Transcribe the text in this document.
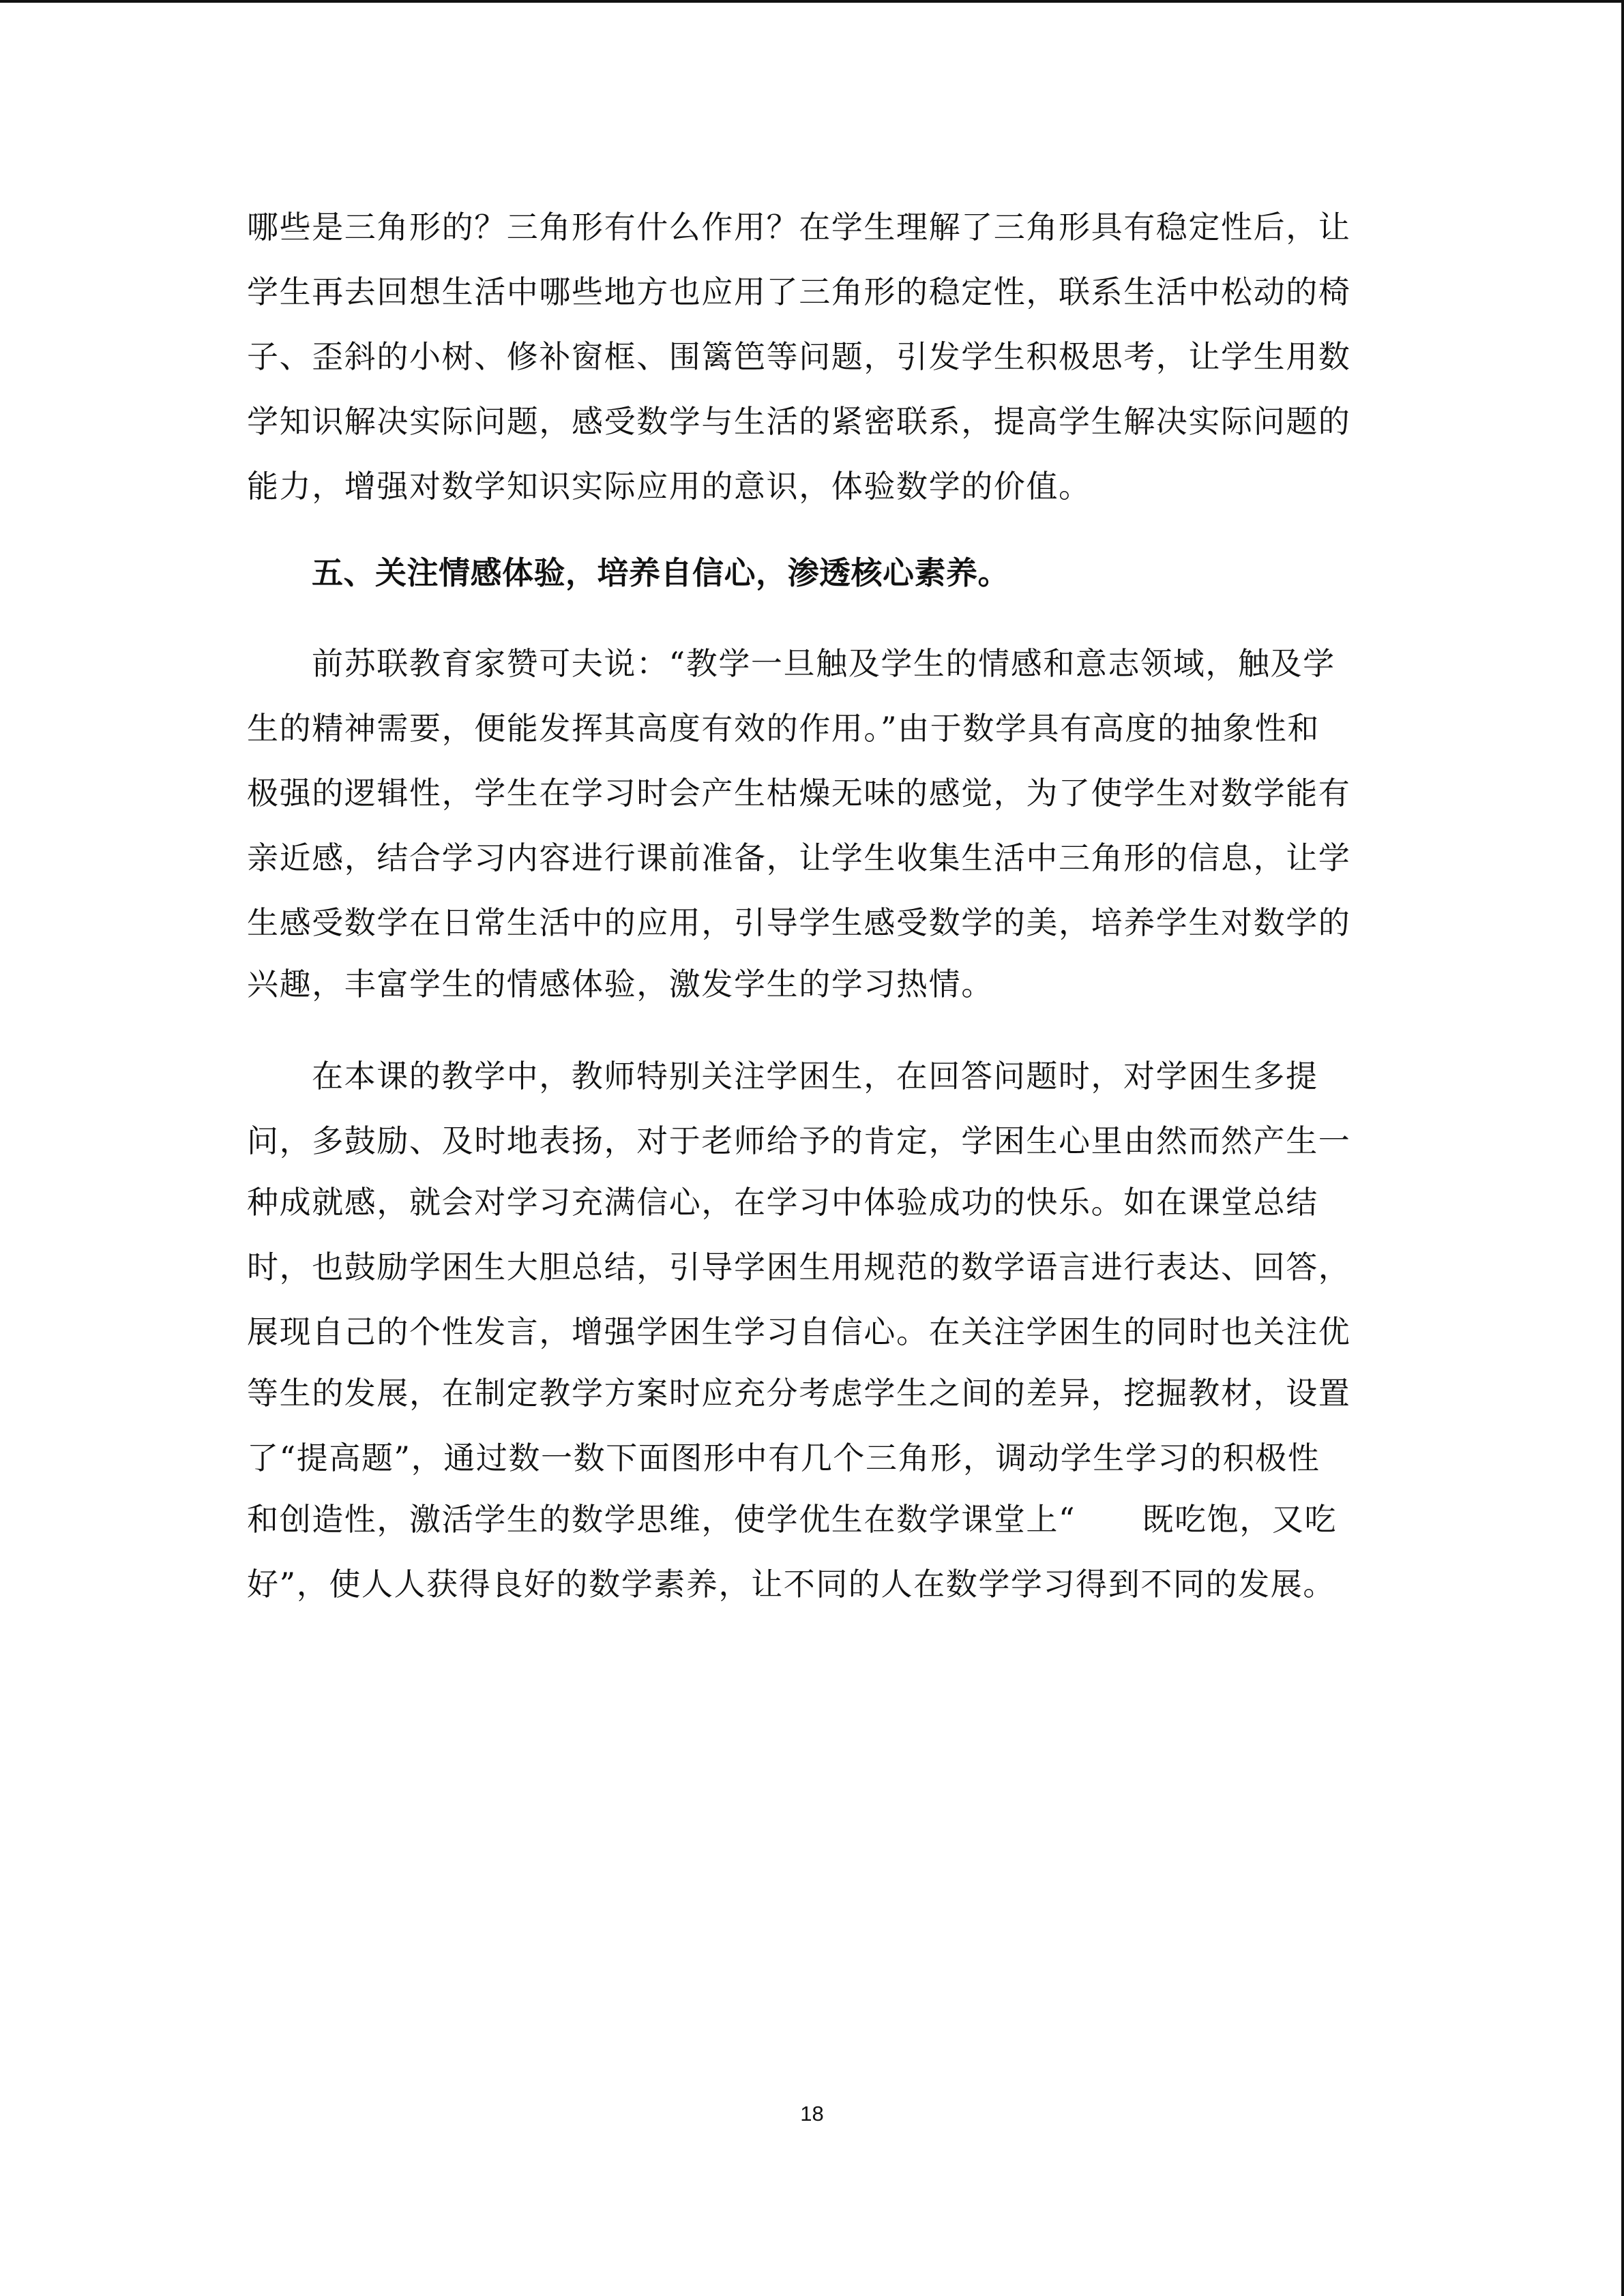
哪些是三角形的？三角形有什么作用？在学生理解了三角形具有稳定性后，让
学生再去回想生活中哪些地方也应用了三角形的稳定性，联系生活中松动的椅
子、歪斜的小树、修补窗框、围篱笆等问题，引发学生积极思考，让学生用数
学知识解决实际问题，感受数学与生活的紧密联系，提高学生解决实际问题的
能力，增强对数学知识实际应用的意识，体验数学的价值。
五、关注情感体验，培养自信心，渗透核心素养。
前苏联教育家赞可夫说：“教学一旦触及学生的情感和意志领域，触及学
生的精神需要，便能发挥其高度有效的作用。”由于数学具有高度的抽象性和
极强的逻辑性，学生在学习时会产生枯燥无味的感觉，为了使学生对数学能有
亲近感，结合学习内容进行课前准备，让学生收集生活中三角形的信息，让学
生感受数学在日常生活中的应用，引导学生感受数学的美，培养学生对数学的
兴趣，丰富学生的情感体验，激发学生的学习热情。
在本课的教学中，教师特别关注学困生，在回答问题时，对学困生多提
问，多鼓励、及时地表扬，对于老师给予的肯定，学困生心里由然而然产生一
种成就感，就会对学习充满信心，在学习中体验成功的快乐。如在课堂总结
时，也鼓励学困生大胆总结，引导学困生用规范的数学语言进行表达、回答，
展现自己的个性发言，增强学困生学习自信心。在关注学困生的同时也关注优
等生的发展，在制定教学方案时应充分考虑学生之间的差异，挖掘教材，设置
了“提高题”，通过数一数下面图形中有几个三角形，调动学生学习的积极性
和创造性，激活学生的数学思维，使学优生在数学课堂上“      既吃饱，又吃
好”，使人人获得良好的数学素养，让不同的人在数学学习得到不同的发展。
18
